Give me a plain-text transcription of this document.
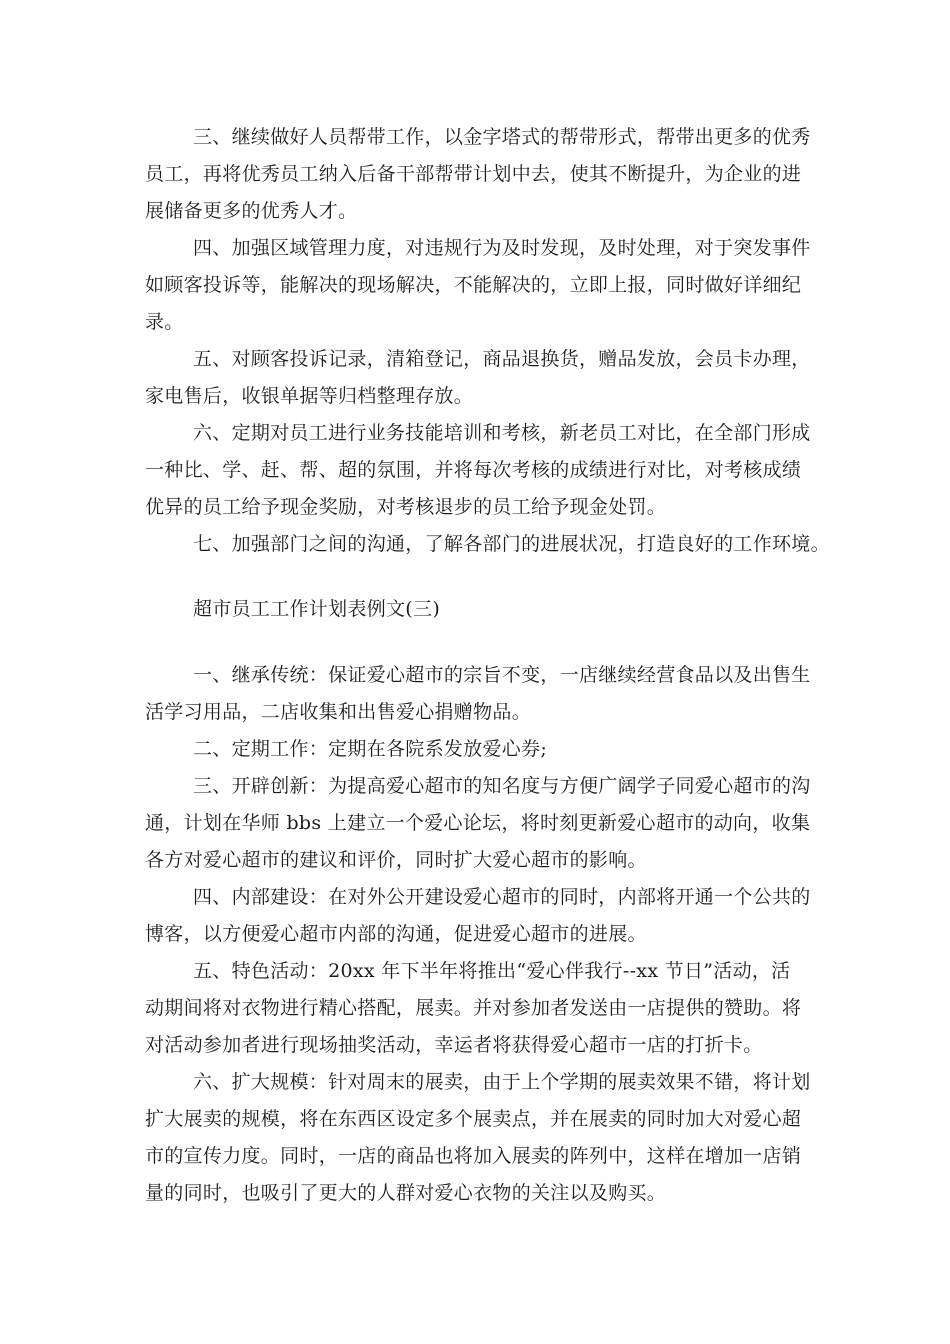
三、继续做好人员帮带工作，以金字塔式的帮带形式，帮带出更多的优秀
员工，再将优秀员工纳入后备干部帮带计划中去，使其不断提升，为企业的进
展储备更多的优秀人才。
四、加强区域管理力度，对违规行为及时发现，及时处理，对于突发事件
如顾客投诉等，能解决的现场解决，不能解决的，立即上报，同时做好详细纪
录。
五、对顾客投诉记录，清箱登记，商品退换货，赠品发放，会员卡办理，
家电售后，收银单据等归档整理存放。
六、定期对员工进行业务技能培训和考核，新老员工对比，在全部门形成
一种比、学、赶、帮、超的氛围，并将每次考核的成绩进行对比，对考核成绩
优异的员工给予现金奖励，对考核退步的员工给予现金处罚。
七、加强部门之间的沟通，了解各部门的进展状况，打造良好的工作环境。
超市员工工作计划表例文(三)
一、继承传统：保证爱心超市的宗旨不变，一店继续经营食品以及出售生
活学习用品，二店收集和出售爱心捐赠物品。
二、定期工作：定期在各院系发放爱心券;
三、开辟创新：为提高爱心超市的知名度与方便广阔学子同爱心超市的沟
通，计划在华师 bbs 上建立一个爱心论坛，将时刻更新爱心超市的动向，收集
各方对爱心超市的建议和评价，同时扩大爱心超市的影响。
四、内部建设：在对外公开建设爱心超市的同时，内部将开通一个公共的
博客，以方便爱心超市内部的沟通，促进爱心超市的进展。
五、特色活动：20xx 年下半年将推出“爱心伴我行--xx 节日”活动，活
动期间将对衣物进行精心搭配，展卖。并对参加者发送由一店提供的赞助。将
对活动参加者进行现场抽奖活动，幸运者将获得爱心超市一店的打折卡。
六、扩大规模：针对周末的展卖，由于上个学期的展卖效果不错，将计划
扩大展卖的规模，将在东西区设定多个展卖点，并在展卖的同时加大对爱心超
市的宣传力度。同时，一店的商品也将加入展卖的阵列中，这样在增加一店销
量的同时，也吸引了更大的人群对爱心衣物的关注以及购买。
